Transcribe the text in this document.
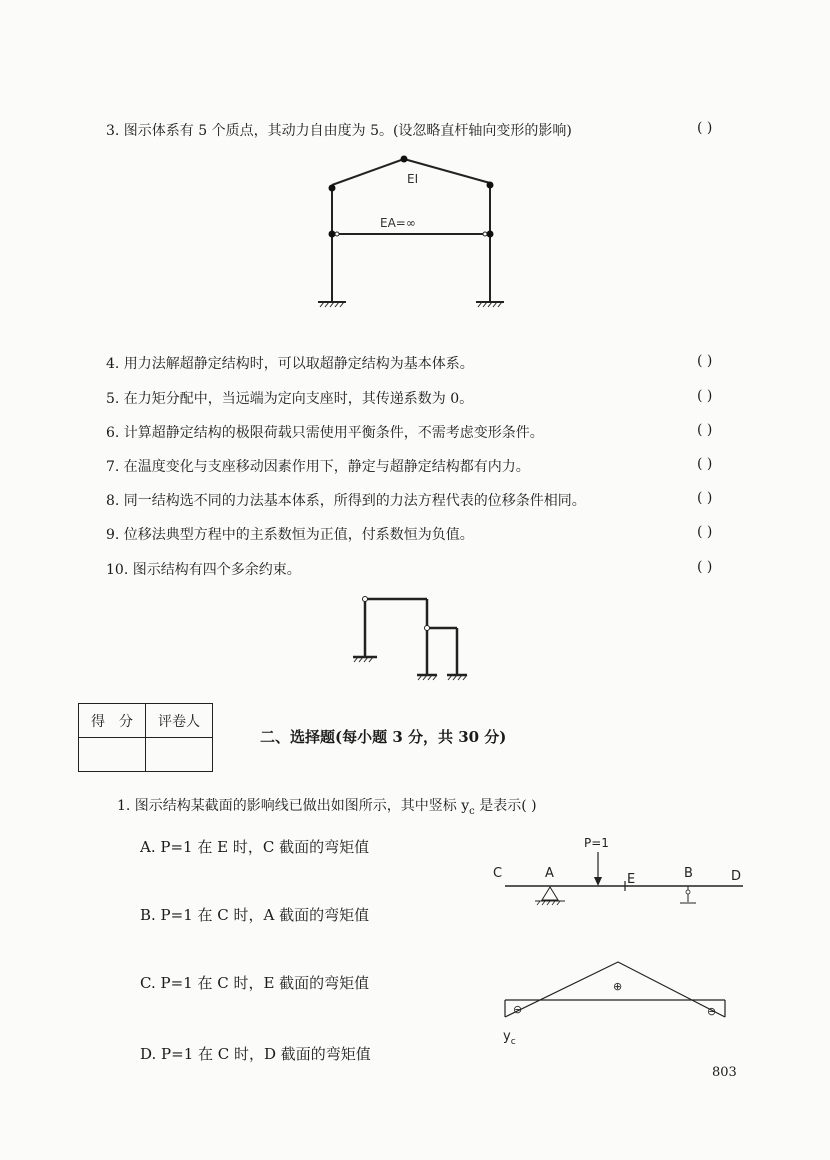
3. 图示体系有 5 个质点，其动力自由度为 5。(设忽略直杆轴向变形的影响)	( )
EI
EA=∞
4. 用力法解超静定结构时，可以取超静定结构为基本体系。	( )
5. 在力矩分配中，当远端为定向支座时，其传递系数为 0。	( )
6. 计算超静定结构的极限荷载只需使用平衡条件，不需考虑变形条件。	( )
7. 在温度变化与支座移动因素作用下，静定与超静定结构都有内力。	( )
8. 同一结构选不同的力法基本体系，所得到的力法方程代表的位移条件相同。	( )
9. 位移法典型方程中的主系数恒为正值，付系数恒为负值。	( )
10. 图示结构有四个多余约束。	( )
得　分	评卷人

二、选择题(每小题 3 分，共 30 分)
1. 图示结构某截面的影响线已做出如图所示，其中竖标 $y_c$ 是表示( )
A. P=1 在 E 时，C 截面的弯矩值
B. P=1 在 C 时，A 截面的弯矩值
C. P=1 在 C 时，E 截面的弯矩值
D. P=1 在 C 时，D 截面的弯矩值
P=1
C	A	E	B	D
⊕
⊖	⊖
$y_c$
803
